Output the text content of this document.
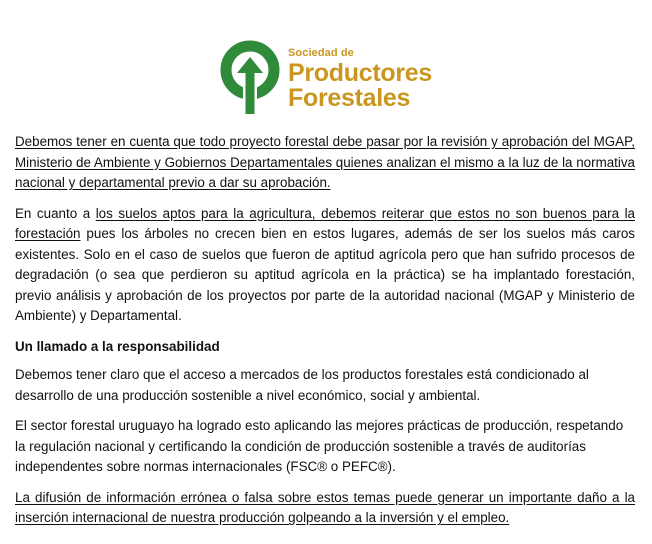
Sociedad de
Productores
Forestales

Debemos tener en cuenta que todo proyecto forestal debe pasar por la revisión y aprobación del MGAP, Ministerio de Ambiente y Gobiernos Departamentales quienes analizan el mismo a la luz de la normativa nacional y departamental previo a dar su aprobación.

En cuanto a los suelos aptos para la agricultura, debemos reiterar que estos no son buenos para la forestación pues los árboles no crecen bien en estos lugares, además de ser los suelos más caros existentes. Solo en el caso de suelos que fueron de aptitud agrícola pero que han sufrido procesos de degradación (o sea que perdieron su aptitud agrícola en la práctica) se ha implantado forestación, previo análisis y aprobación de los proyectos por parte de la autoridad nacional (MGAP y Ministerio de Ambiente) y Departamental.

Un llamado a la responsabilidad

Debemos tener claro que el acceso a mercados de los productos forestales está condicionado al desarrollo de una producción sostenible a nivel económico, social y ambiental.

El sector forestal uruguayo ha logrado esto aplicando las mejores prácticas de producción, respetando la regulación nacional y certificando la condición de producción sostenible a través de auditorías independentes sobre normas internacionales (FSC® o PEFC®).

La difusión de información errónea o falsa sobre estos temas puede generar un importante daño a la inserción internacional de nuestra producción golpeando a la inversión y el empleo.
